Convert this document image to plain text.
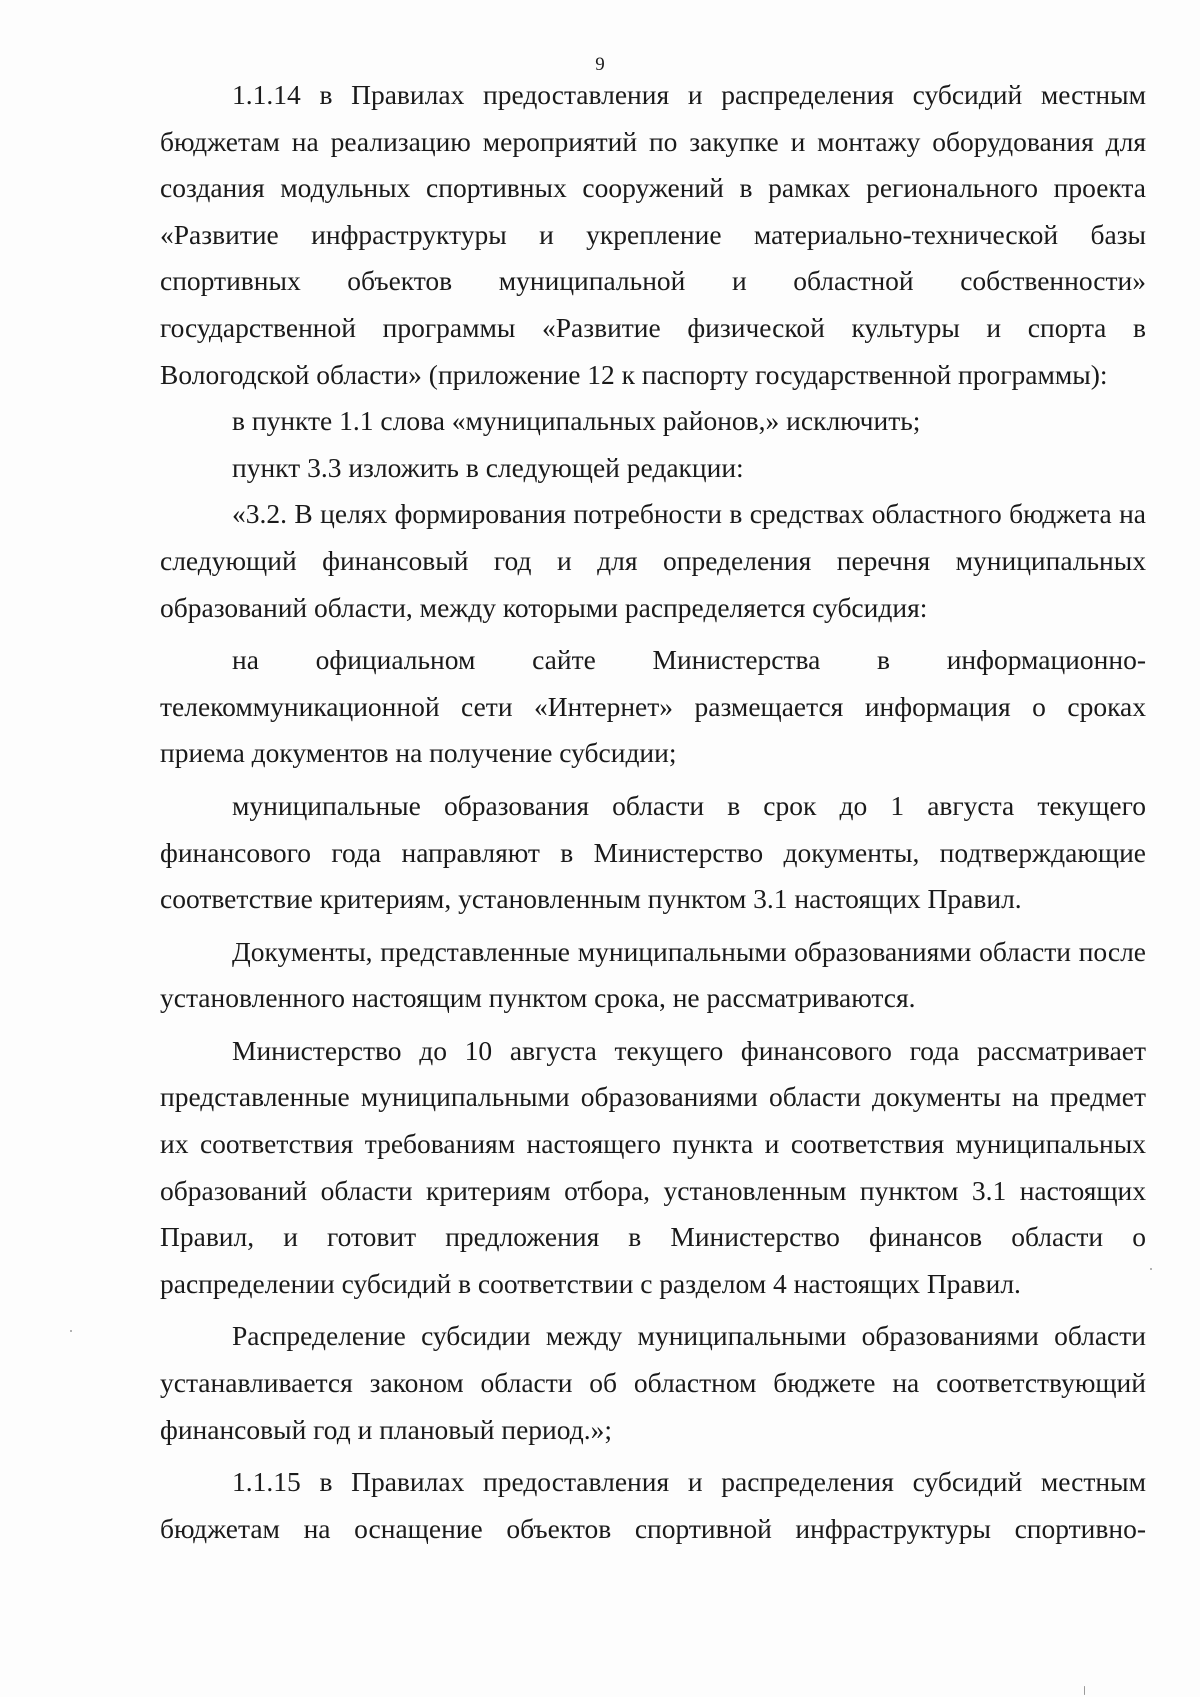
9

1.1.14 в Правилах предоставления и распределения субсидий местным бюджетам на реализацию мероприятий по закупке и монтажу оборудования для создания модульных спортивных сооружений в рамках регионального проекта «Развитие инфраструктуры и укрепление материально-технической базы спортивных объектов муниципальной и областной собственности» государственной программы «Развитие физической культуры и спорта в Вологодской области» (приложение 12 к паспорту государственной программы):

в пункте 1.1 слова «муниципальных районов,» исключить;

пункт 3.3 изложить в следующей редакции:

«3.2. В целях формирования потребности в средствах областного бюджета на следующий финансовый год и для определения перечня муниципальных образований области, между которыми распределяется субсидия:

на официальном сайте Министерства в информационно-телекоммуникационной сети «Интернет» размещается информация о сроках приема документов на получение субсидии;

муниципальные образования области в срок до 1 августа текущего финансового года направляют в Министерство документы, подтверждающие соответствие критериям, установленным пунктом 3.1 настоящих Правил.

Документы, представленные муниципальными образованиями области после установленного настоящим пунктом срока, не рассматриваются.

Министерство до 10 августа текущего финансового года рассматривает представленные муниципальными образованиями области документы на предмет их соответствия требованиям настоящего пункта и соответствия муниципальных образований области критериям отбора, установленным пунктом 3.1 настоящих Правил, и готовит предложения в Министерство финансов области о распределении субсидий в соответствии с разделом 4 настоящих Правил.

Распределение субсидии между муниципальными образованиями области устанавливается законом области об областном бюджете на соответствующий финансовый год и плановый период.»;

1.1.15 в Правилах предоставления и распределения субсидий местным бюджетам на оснащение объектов спортивной инфраструктуры спортивно-
